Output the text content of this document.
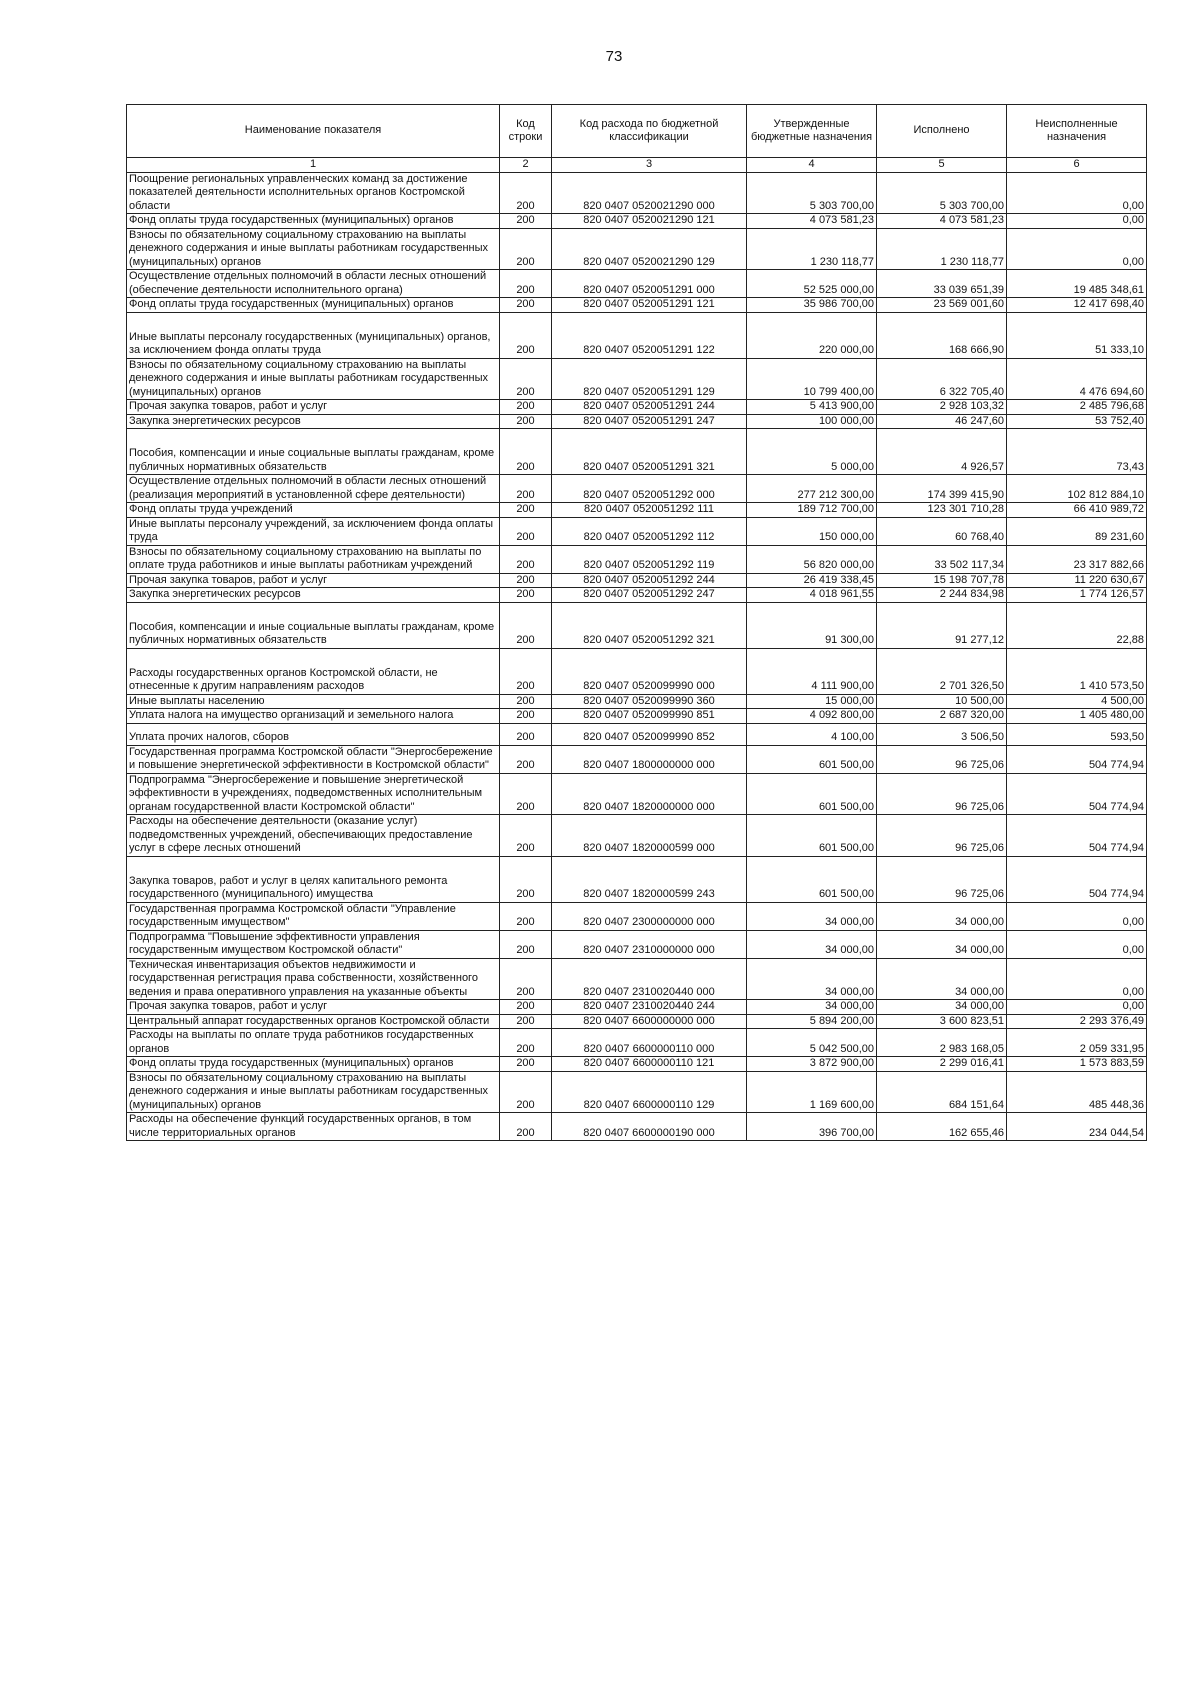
73
Наименование показателя	Код строки	Код расхода по бюджетной классификации	Утвержденные бюджетные назначения	Исполнено	Неисполненные назначения
1	2	3	4	5	6
Поощрение региональных управленческих команд за достижение показателей деятельности исполнительных органов Костромской области	200	820 0407 0520021290 000	5 303 700,00	5 303 700,00	0,00
Фонд оплаты труда государственных (муниципальных) органов	200	820 0407 0520021290 121	4 073 581,23	4 073 581,23	0,00
Взносы по обязательному социальному страхованию на выплаты денежного содержания и иные выплаты работникам государственных (муниципальных) органов	200	820 0407 0520021290 129	1 230 118,77	1 230 118,77	0,00
Осуществление отдельных полномочий в области лесных отношений (обеспечение деятельности исполнительного органа)	200	820 0407 0520051291 000	52 525 000,00	33 039 651,39	19 485 348,61
Фонд оплаты труда государственных (муниципальных) органов	200	820 0407 0520051291 121	35 986 700,00	23 569 001,60	12 417 698,40
Иные выплаты персоналу государственных (муниципальных) органов, за исключением фонда оплаты труда	200	820 0407 0520051291 122	220 000,00	168 666,90	51 333,10
Взносы по обязательному социальному страхованию на выплаты денежного содержания и иные выплаты работникам государственных (муниципальных) органов	200	820 0407 0520051291 129	10 799 400,00	6 322 705,40	4 476 694,60
Прочая закупка товаров, работ и услуг	200	820 0407 0520051291 244	5 413 900,00	2 928 103,32	2 485 796,68
Закупка энергетических ресурсов	200	820 0407 0520051291 247	100 000,00	46 247,60	53 752,40
Пособия, компенсации и иные социальные выплаты гражданам, кроме публичных нормативных обязательств	200	820 0407 0520051291 321	5 000,00	4 926,57	73,43
Осуществление отдельных полномочий в области лесных отношений (реализация мероприятий в установленной сфере деятельности)	200	820 0407 0520051292 000	277 212 300,00	174 399 415,90	102 812 884,10
Фонд оплаты труда учреждений	200	820 0407 0520051292 111	189 712 700,00	123 301 710,28	66 410 989,72
Иные выплаты персоналу учреждений, за исключением фонда оплаты труда	200	820 0407 0520051292 112	150 000,00	60 768,40	89 231,60
Взносы по обязательному социальному страхованию на выплаты по оплате труда работников и иные выплаты работникам учреждений	200	820 0407 0520051292 119	56 820 000,00	33 502 117,34	23 317 882,66
Прочая закупка товаров, работ и услуг	200	820 0407 0520051292 244	26 419 338,45	15 198 707,78	11 220 630,67
Закупка энергетических ресурсов	200	820 0407 0520051292 247	4 018 961,55	2 244 834,98	1 774 126,57
Пособия, компенсации и иные социальные выплаты гражданам, кроме публичных нормативных обязательств	200	820 0407 0520051292 321	91 300,00	91 277,12	22,88
Расходы государственных органов Костромской области, не отнесенные к другим направлениям расходов	200	820 0407 0520099990 000	4 111 900,00	2 701 326,50	1 410 573,50
Иные выплаты населению	200	820 0407 0520099990 360	15 000,00	10 500,00	4 500,00
Уплата налога на имущество организаций и земельного налога	200	820 0407 0520099990 851	4 092 800,00	2 687 320,00	1 405 480,00
Уплата прочих налогов, сборов	200	820 0407 0520099990 852	4 100,00	3 506,50	593,50
Государственная программа Костромской области "Энергосбережение и повышение энергетической эффективности в Костромской области"	200	820 0407 1800000000 000	601 500,00	96 725,06	504 774,94
Подпрограмма "Энергосбережение и повышение энергетической эффективности в учреждениях, подведомственных исполнительным органам государственной власти Костромской области"	200	820 0407 1820000000 000	601 500,00	96 725,06	504 774,94
Расходы на обеспечение деятельности (оказание услуг) подведомственных учреждений, обеспечивающих предоставление услуг в сфере лесных отношений	200	820 0407 1820000599 000	601 500,00	96 725,06	504 774,94
Закупка товаров, работ и услуг в целях капитального ремонта государственного (муниципального) имущества	200	820 0407 1820000599 243	601 500,00	96 725,06	504 774,94
Государственная программа Костромской области "Управление государственным имуществом"	200	820 0407 2300000000 000	34 000,00	34 000,00	0,00
Подпрограмма "Повышение эффективности управления государственным имуществом Костромской области"	200	820 0407 2310000000 000	34 000,00	34 000,00	0,00
Техническая инвентаризация объектов недвижимости и государственная регистрация права собственности, хозяйственного ведения и права оперативного управления на указанные объекты	200	820 0407 2310020440 000	34 000,00	34 000,00	0,00
Прочая закупка товаров, работ и услуг	200	820 0407 2310020440 244	34 000,00	34 000,00	0,00
Центральный аппарат государственных органов Костромской области	200	820 0407 6600000000 000	5 894 200,00	3 600 823,51	2 293 376,49
Расходы на выплаты по оплате труда работников государственных органов	200	820 0407 6600000110 000	5 042 500,00	2 983 168,05	2 059 331,95
Фонд оплаты труда государственных (муниципальных) органов	200	820 0407 6600000110 121	3 872 900,00	2 299 016,41	1 573 883,59
Взносы по обязательному социальному страхованию на выплаты денежного содержания и иные выплаты работникам государственных (муниципальных) органов	200	820 0407 6600000110 129	1 169 600,00	684 151,64	485 448,36
Расходы на обеспечение функций государственных органов, в том числе территориальных органов	200	820 0407 6600000190 000	396 700,00	162 655,46	234 044,54
